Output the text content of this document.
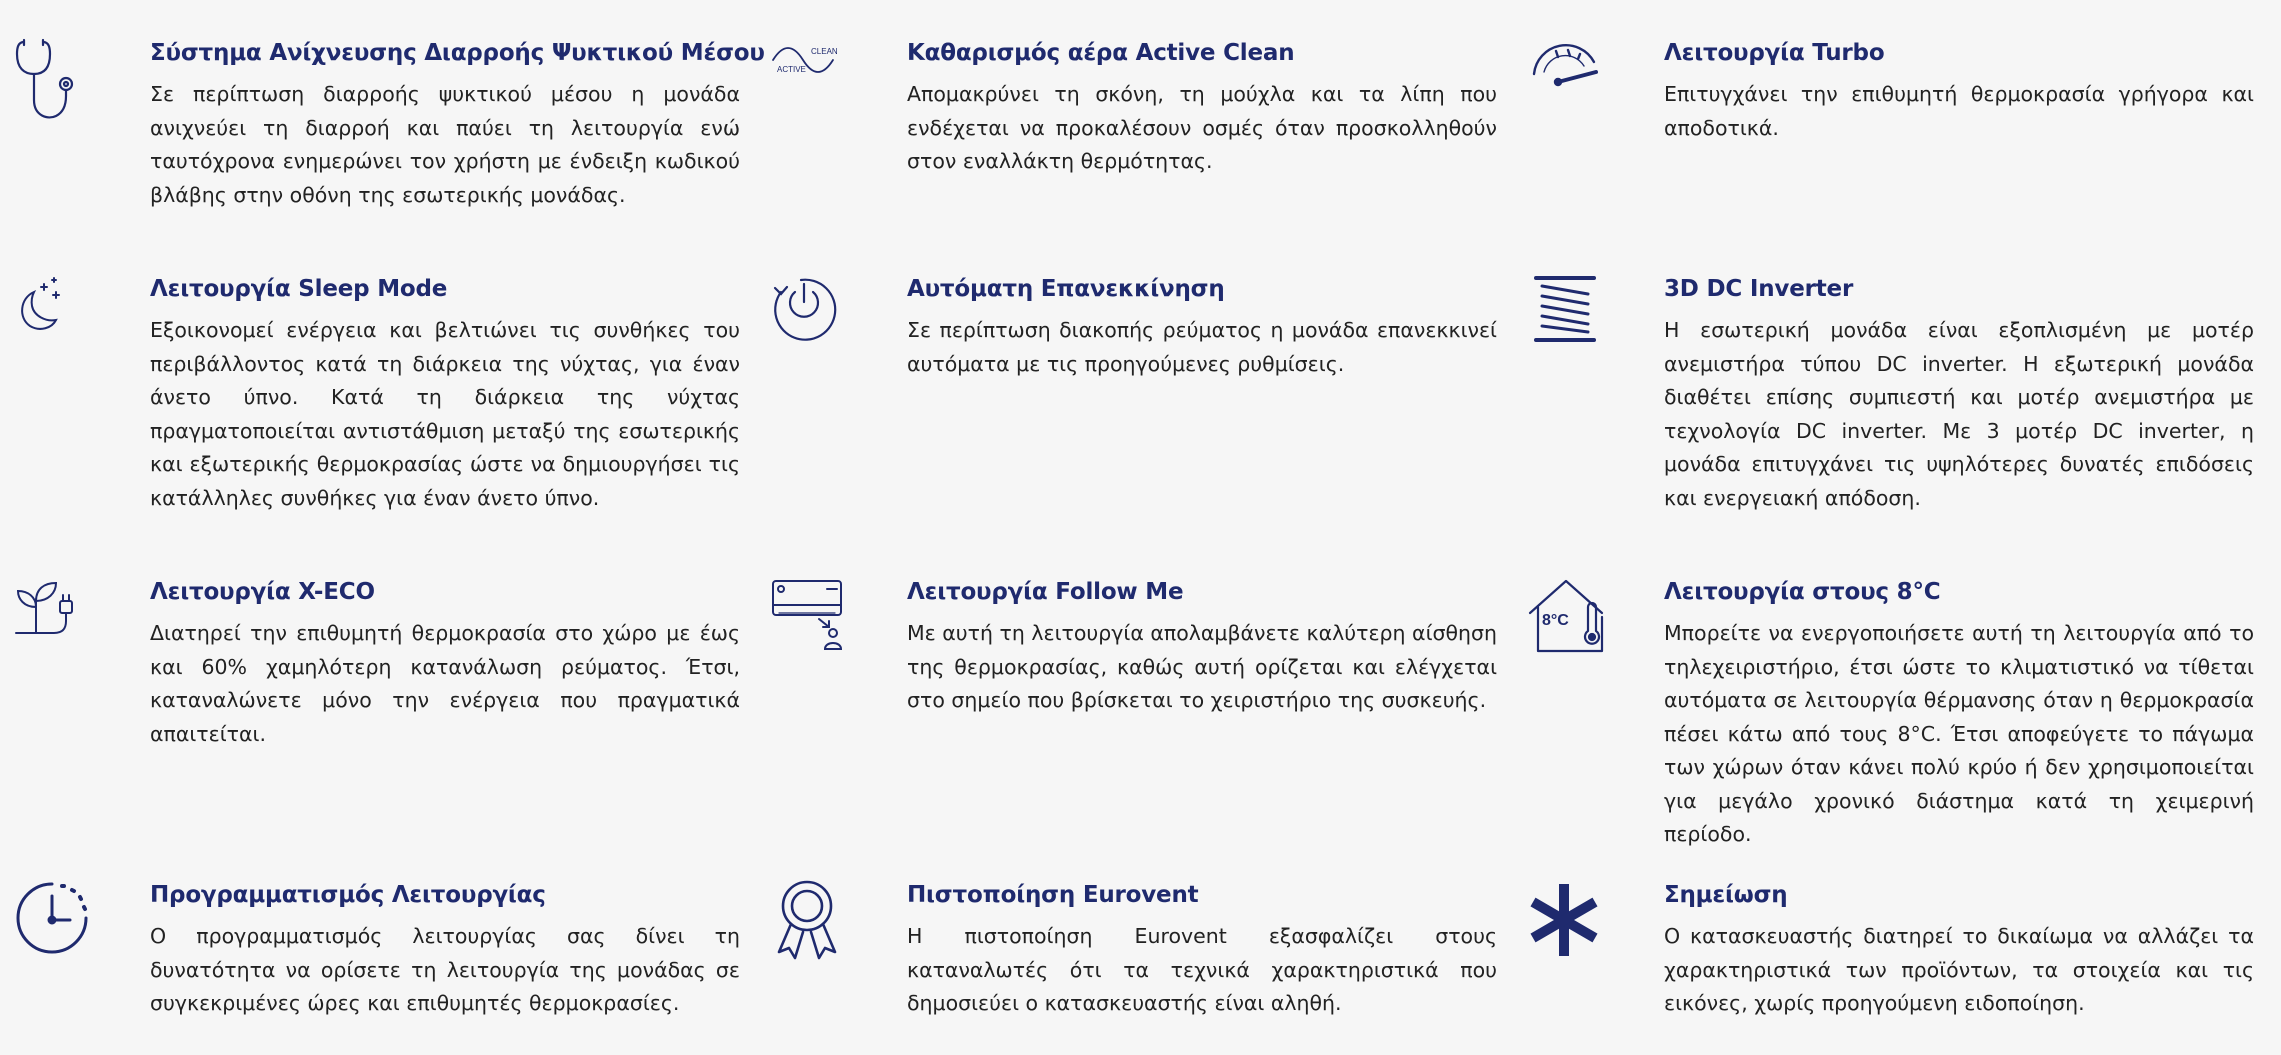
Σύστημα Ανίχνευσης Διαρροής Ψυκτικού Μέσου

Σε περίπτωση διαρροής ψυκτικού μέσου η μονάδα ανιχνεύει τη διαρροή και παύει τη λειτουργία ενώ ταυτόχρονα ενημερώνει τον χρήστη με ένδειξη κωδικού βλάβης στην οθόνη της εσωτερικής μονάδας.

CLEAN
ACTIVE
Καθαρισμός αέρα Active Clean

Απομακρύνει τη σκόνη, τη μούχλα και τα λίπη που ενδέχεται να προκαλέσουν οσμές όταν προσκολληθούν στον εναλλάκτη θερμότητας.

Λειτουργία Turbo

Επιτυγχάνει την επιθυμητή θερμοκρασία γρήγορα και αποδοτικά.

Λειτουργία Sleep Mode

Εξοικονομεί ενέργεια και βελτιώνει τις συνθήκες του περιβάλλοντος κατά τη διάρκεια της νύχτας, για έναν άνετο ύπνο. Κατά τη διάρκεια της νύχτας πραγματοποιείται αντιστάθμιση μεταξύ της εσωτερικής και εξωτερικής θερμοκρασίας ώστε να δημιουργήσει τις κατάλληλες συνθήκες για έναν άνετο ύπνο.

Αυτόματη Επανεκκίνηση

Σε περίπτωση διακοπής ρεύματος η μονάδα επανεκκινεί αυτόματα με τις προηγούμενες ρυθμίσεις.

3D DC Inverter

Η εσωτερική μονάδα είναι εξοπλισμένη με μοτέρ ανεμιστήρα τύπου DC inverter. Η εξωτερική μονάδα διαθέτει επίσης συμπιεστή και μοτέρ ανεμιστήρα με τεχνολογία DC inverter. Με 3 μοτέρ DC inverter, η μονάδα επιτυγχάνει τις υψηλότερες δυνατές επιδόσεις και ενεργειακή απόδοση.

Λειτουργία X-ECO

Διατηρεί την επιθυμητή θερμοκρασία στο χώρο με έως και 60% χαμηλότερη κατανάλωση ρεύματος. Έτσι, καταναλώνετε μόνο την ενέργεια που πραγματικά απαιτείται.

Λειτουργία Follow Me

Με αυτή τη λειτουργία απολαμβάνετε καλύτερη αίσθηση της θερμοκρασίας, καθώς αυτή ορίζεται και ελέγχεται στο σημείο που βρίσκεται το χειριστήριο της συσκευής.

8°C
Λειτουργία στους 8°C

Μπορείτε να ενεργοποιήσετε αυτή τη λειτουργία από το τηλεχειριστήριο, έτσι ώστε το κλιματιστικό να τίθεται αυτόματα σε λειτουργία θέρμανσης όταν η θερμοκρασία πέσει κάτω από τους 8°C. Έτσι αποφεύγετε το πάγωμα των χώρων όταν κάνει πολύ κρύο ή δεν χρησιμοποιείται για μεγάλο χρονικό διάστημα κατά τη χειμερινή περίοδο.

Προγραμματισμός Λειτουργίας

Ο προγραμματισμός λειτουργίας σας δίνει τη δυνατότητα να ορίσετε τη λειτουργία της μονάδας σε συγκεκριμένες ώρες και επιθυμητές θερμοκρασίες.

Πιστοποίηση Eurovent

Η πιστοποίηση Eurovent εξασφαλίζει στους καταναλωτές ότι τα τεχνικά χαρακτηριστικά που δημοσιεύει ο κατασκευαστής είναι αληθή.

Σημείωση

Ο κατασκευαστής διατηρεί το δικαίωμα να αλλάζει τα χαρακτηριστικά των προϊόντων, τα στοιχεία και τις εικόνες, χωρίς προηγούμενη ειδοποίηση.
